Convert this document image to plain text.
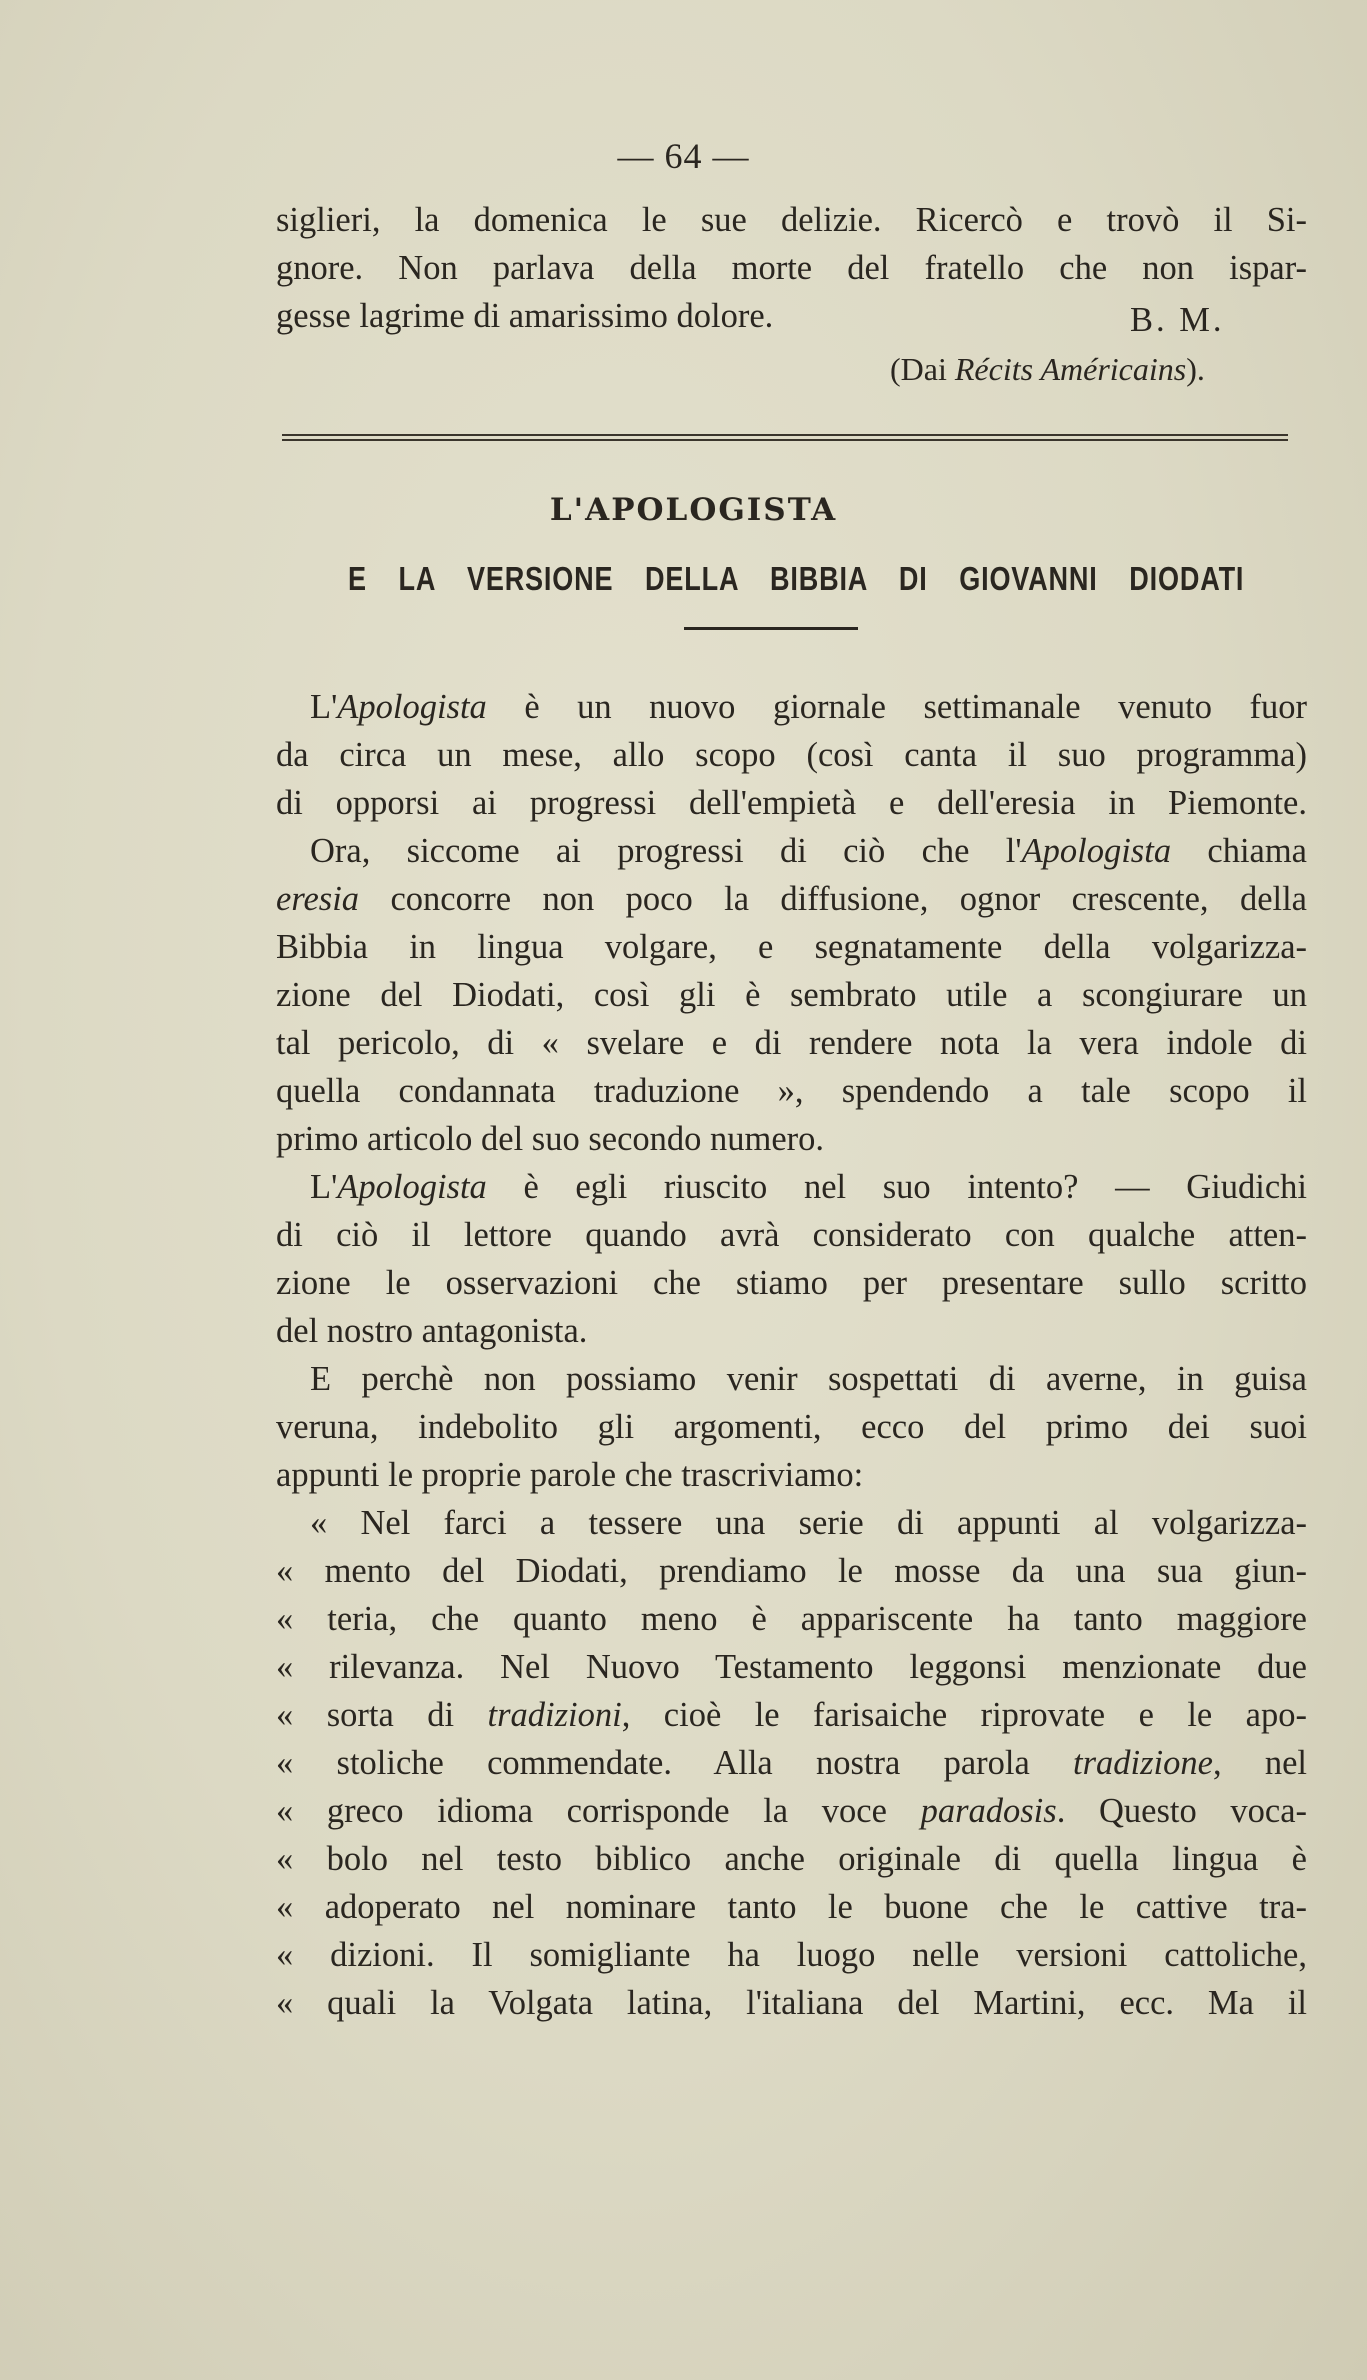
— 64 —
siglieri, la domenica le sue delizie. Ricercò e trovò il Si-
gnore. Non parlava della morte del fratello che non ispar-
gesse lagrime di amarissimo dolore.	B. M.
(Dai Récits Américains).
L'APOLOGISTA
E LA VERSIONE DELLA BIBBIA DI GIOVANNI DIODATI
L'Apologista è un nuovo giornale settimanale venuto fuor
da circa un mese, allo scopo (così canta il suo programma)
di opporsi ai progressi dell'empietà e dell'eresia in Piemonte.
Ora, siccome ai progressi di ciò che l'Apologista chiama
eresia concorre non poco la diffusione, ognor crescente, della
Bibbia in lingua volgare, e segnatamente della volgarizza-
zione del Diodati, così gli è sembrato utile a scongiurare un
tal pericolo, di « svelare e di rendere nota la vera indole di
quella condannata traduzione », spendendo a tale scopo il
primo articolo del suo secondo numero.
L'Apologista è egli riuscito nel suo intento? — Giudichi
di ciò il lettore quando avrà considerato con qualche atten-
zione le osservazioni che stiamo per presentare sullo scritto
del nostro antagonista.
E perchè non possiamo venir sospettati di averne, in guisa
veruna, indebolito gli argomenti, ecco del primo dei suoi
appunti le proprie parole che trascriviamo:
« Nel farci a tessere una serie di appunti al volgarizza-
« mento del Diodati, prendiamo le mosse da una sua giun-
« teria, che quanto meno è appariscente ha tanto maggiore
« rilevanza. Nel Nuovo Testamento leggonsi menzionate due
« sorta di tradizioni, cioè le farisaiche riprovate e le apo-
« stoliche commendate. Alla nostra parola tradizione, nel
« greco idioma corrisponde la voce paradosis. Questo voca-
« bolo nel testo biblico anche originale di quella lingua è
« adoperato nel nominare tanto le buone che le cattive tra-
« dizioni. Il somigliante ha luogo nelle versioni cattoliche,
« quali la Volgata latina, l'italiana del Martini, ecc. Ma il
